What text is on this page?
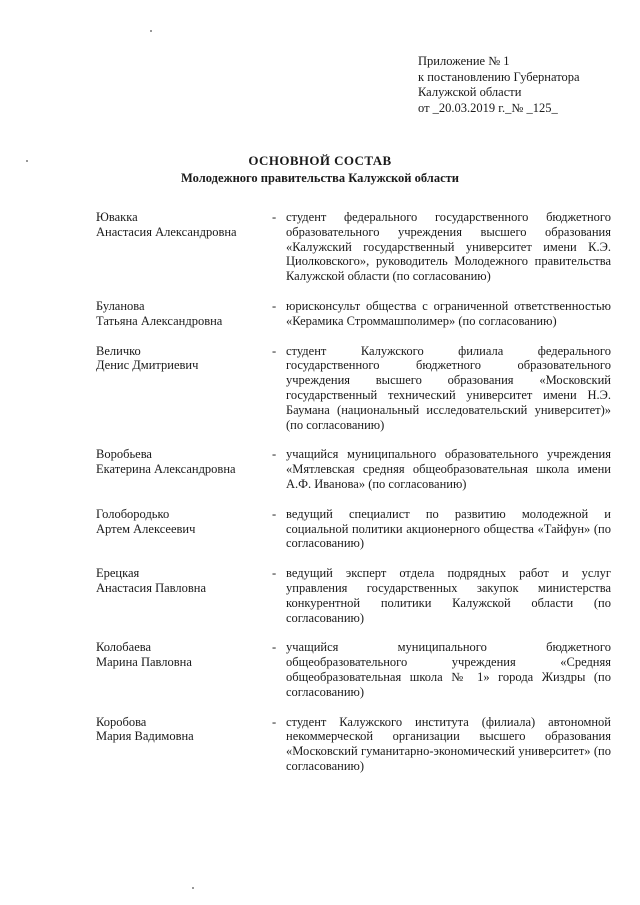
Приложение № 1
к постановлению Губернатора
Калужской области
от _20.03.2019 г._№ _125_
ОСНОВНОЙ СОСТАВ
Молодежного правительства Калужской области
Ювакка
Анастасия Александровна
- студент федерального государственного бюджетного образовательного учреждения высшего образования «Калужский государственный университет имени К.Э. Циолковского», руководитель Молодежного правительства Калужской области (по согласованию)
Буланова
Татьяна Александровна
- юрисконсульт общества с ограниченной ответственностью «Керамика Строммашполимер» (по согласованию)
Величко
Денис Дмитриевич
- студент Калужского филиала федерального государственного бюджетного образовательного учреждения высшего образования «Московский государственный технический университет имени Н.Э. Баумана (национальный исследовательский университет)» (по согласованию)
Воробьева
Екатерина Александровна
- учащийся муниципального образовательного учреждения «Мятлевская средняя общеобразовательная школа имени А.Ф. Иванова» (по согласованию)
Голобородько
Артем Алексеевич
- ведущий специалист по развитию молодежной и социальной политики акционерного общества «Тайфун» (по согласованию)
Ерецкая
Анастасия Павловна
- ведущий эксперт отдела подрядных работ и услуг управления государственных закупок министерства конкурентной политики Калужской области (по согласованию)
Колобаева
Марина Павловна
- учащийся муниципального бюджетного общеобразовательного учреждения «Средняя общеобразовательная школа № 1» города Жиздры (по согласованию)
Коробова
Мария Вадимовна
- студент Калужского института (филиала) автономной некоммерческой организации высшего образования «Московский гуманитарно-экономический университет» (по согласованию)
